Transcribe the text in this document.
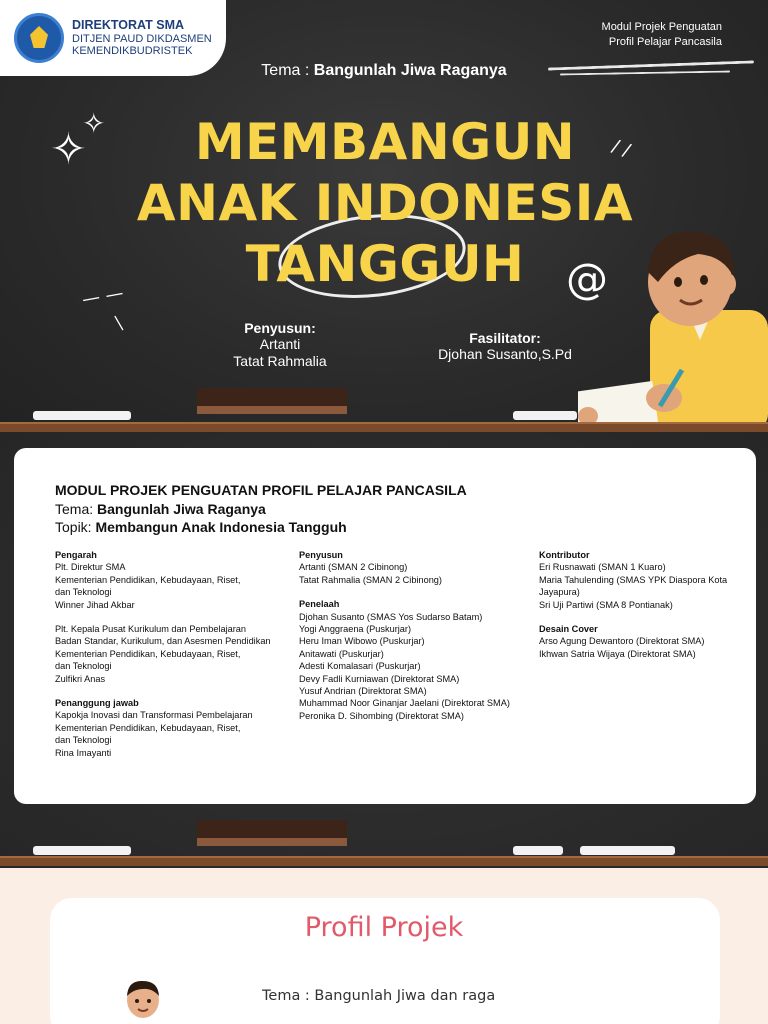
DIREKTORAT SMA
DITJEN PAUD DIKDASMEN
KEMENDIKBUDRISTEK
Modul Projek Penguatan
Profil Pelajar Pancasila
Tema : Bangunlah Jiwa Raganya
✧
✧
/ /
— —
—
@
MEMBANGUN
ANAK INDONESIA
TANGGUH
Penyusun:
Artanti
Tatat Rahmalia
Fasilitator:
Djohan Susanto,S.Pd
MODUL PROJEK PENGUATAN PROFIL PELAJAR PANCASILA
Tema: Bangunlah Jiwa Raganya
Topik: Membangun Anak Indonesia Tangguh
Pengarah
Plt. Direktur SMA
Kementerian Pendidikan, Kebudayaan, Riset,
dan Teknologi
Winner Jihad Akbar
Plt. Kepala Pusat Kurikulum dan Pembelajaran
Badan Standar, Kurikulum, dan Asesmen Pendidikan
Kementerian Pendidikan, Kebudayaan, Riset,
dan Teknologi
Zulfikri Anas
Penanggung jawab
Kapokja Inovasi dan Transformasi Pembelajaran
Kementerian Pendidikan, Kebudayaan, Riset,
dan Teknologi
Rina Imayanti
Penyusun
Artanti (SMAN 2 Cibinong)
Tatat Rahmalia (SMAN 2 Cibinong)
Penelaah
Djohan Susanto (SMAS Yos Sudarso Batam)
Yogi Anggraena (Puskurjar)
Heru Iman Wibowo (Puskurjar)
Anitawati (Puskurjar)
Adesti Komalasari (Puskurjar)
Devy Fadli Kurniawan (Direktorat SMA)
Yusuf Andrian (Direktorat SMA)
Muhammad Noor Ginanjar Jaelani (Direktorat SMA)
Peronika D. Sihombing (Direktorat SMA)
Kontributor
Eri Rusnawati (SMAN 1 Kuaro)
Maria Tahulending (SMAS YPK Diaspora Kota
Jayapura)
Sri Uji Partiwi (SMA 8 Pontianak)
Desain Cover
Arso Agung Dewantoro (Direktorat SMA)
Ikhwan Satria Wijaya (Direktorat SMA)
Profil Projek
Tema : Bangunlah Jiwa dan raga
